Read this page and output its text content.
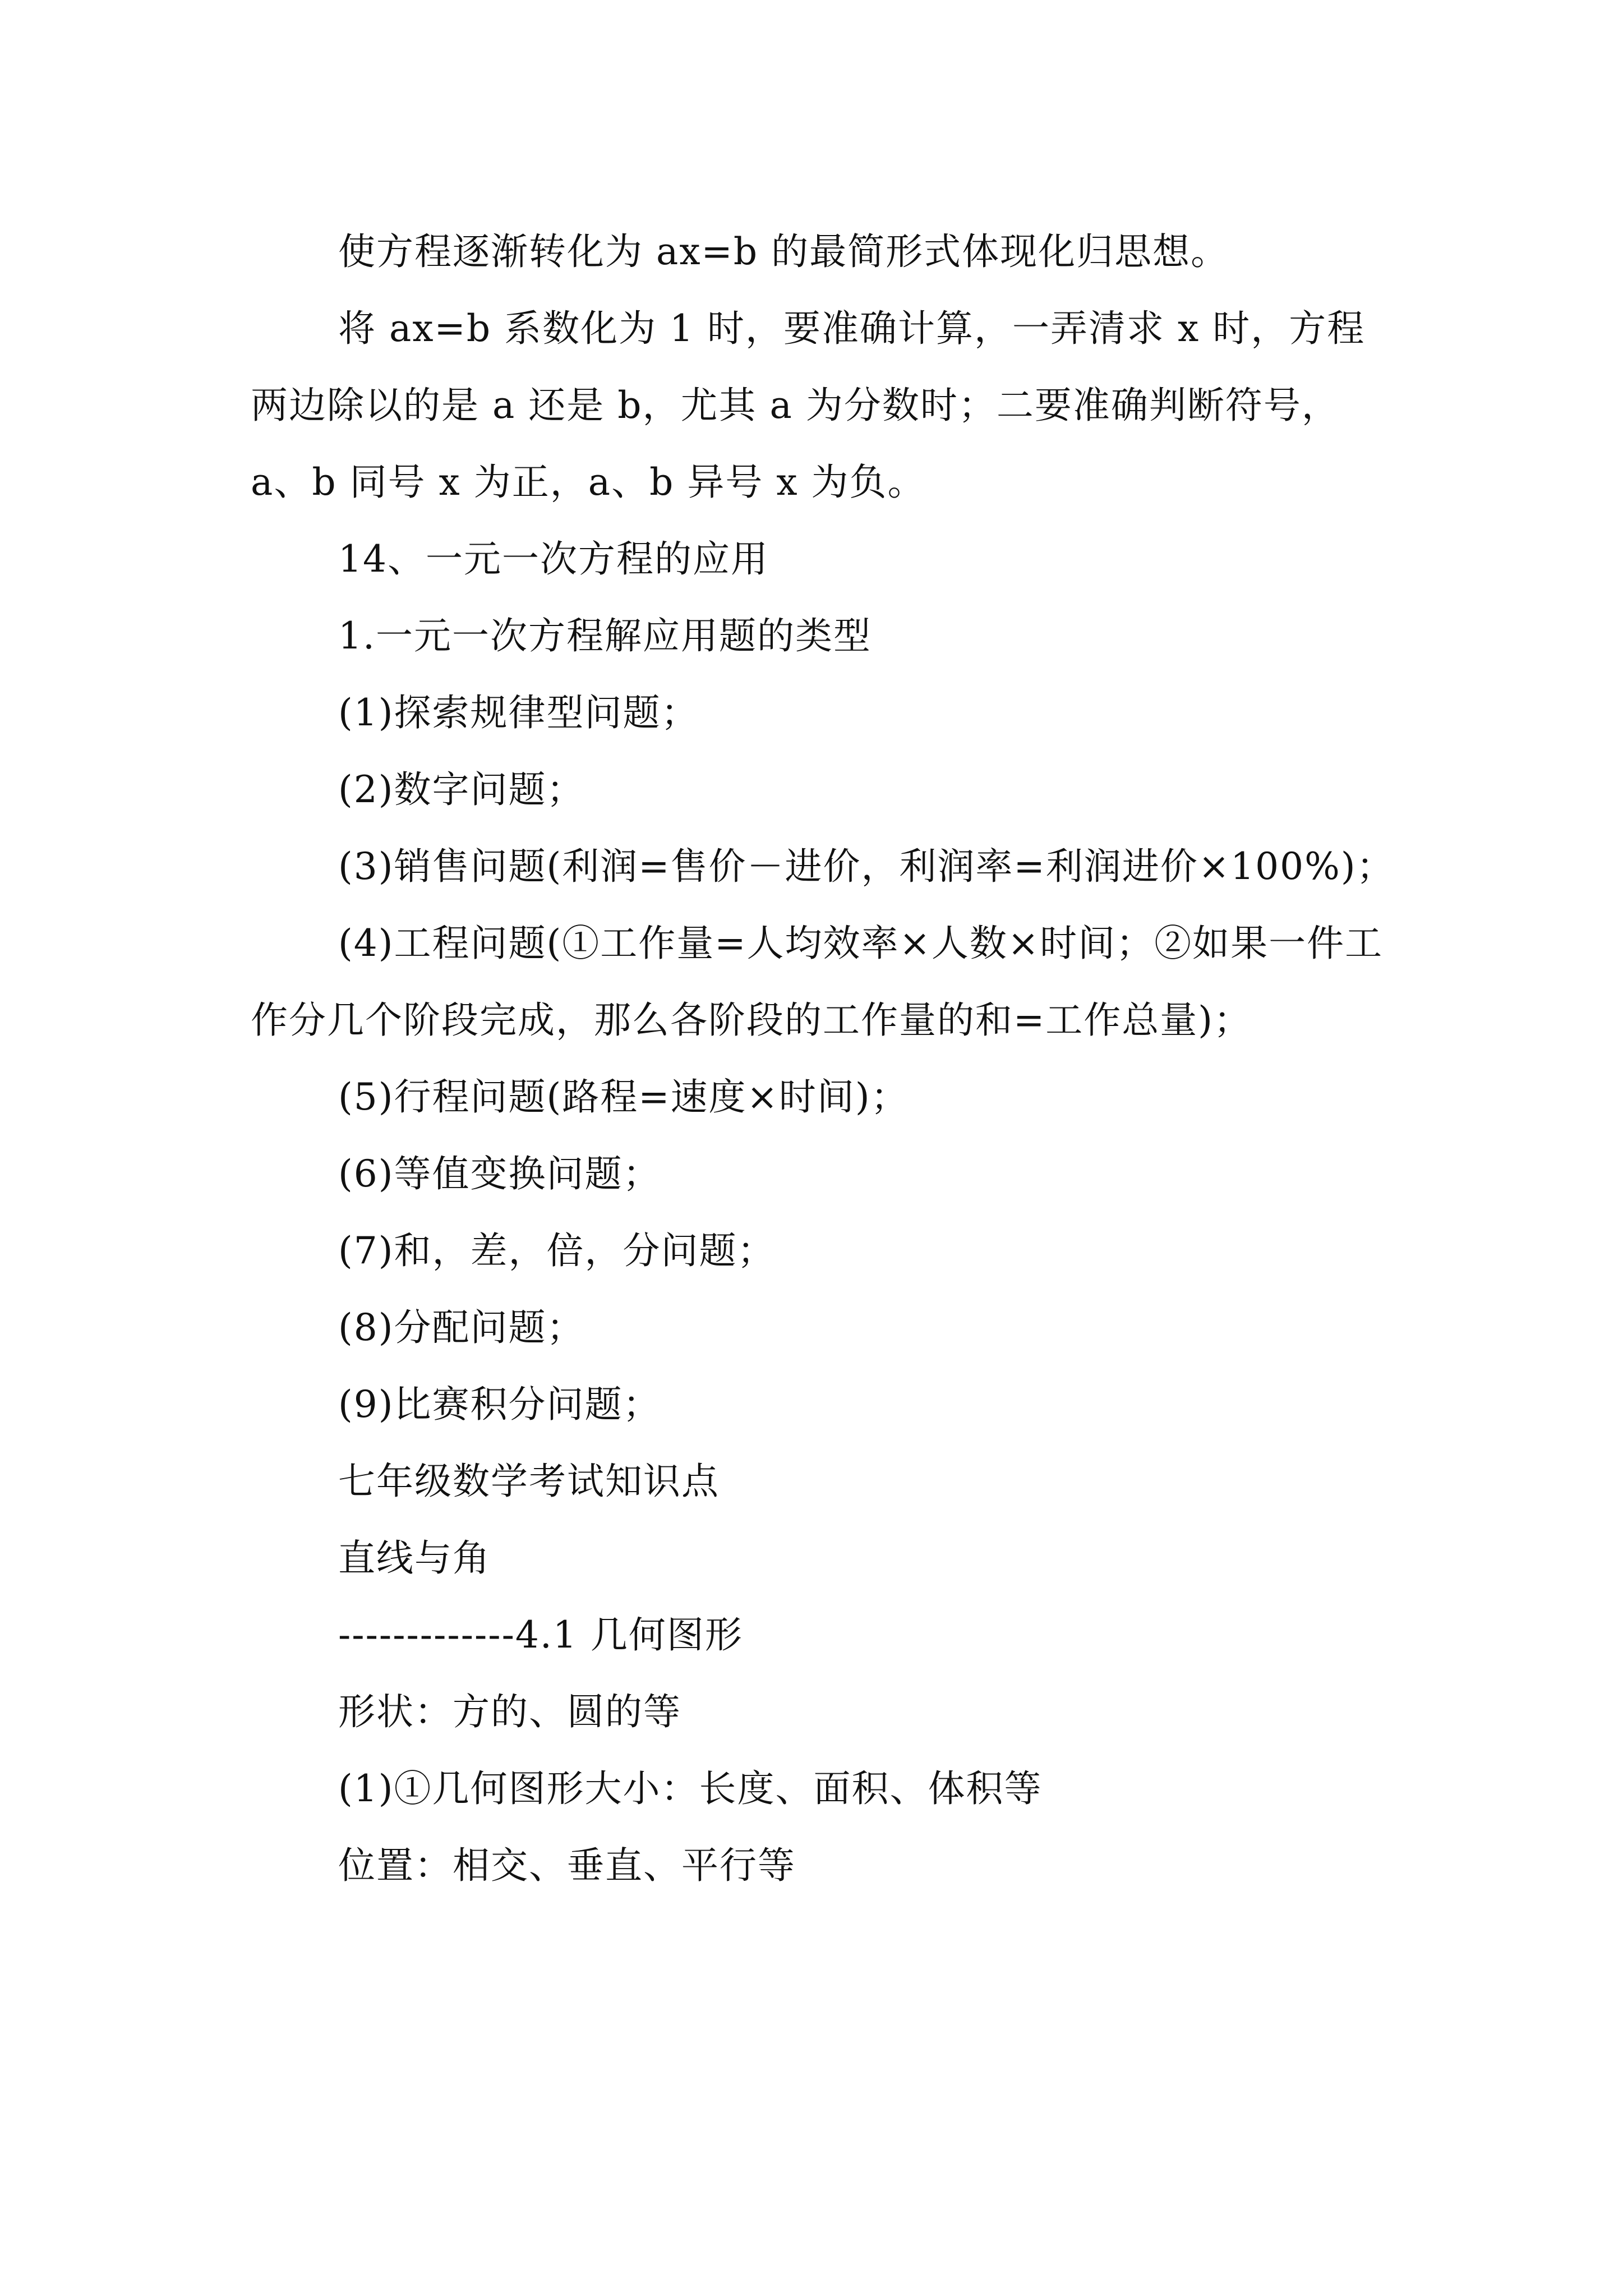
使方程逐渐转化为 ax=b 的最简形式体现化归思想。

将 ax=b 系数化为 1 时，要准确计算，一弄清求 x 时，方程两边除以的是 a 还是 b，尤其 a 为分数时；二要准确判断符号，a、b 同号 x 为正，a、b 异号 x 为负。

14、一元一次方程的应用

1.一元一次方程解应用题的类型

(1)探索规律型问题；

(2)数字问题；

(3)销售问题(利润=售价－进价，利润率=利润进价×100%)；

(4)工程问题(①工作量=人均效率×人数×时间；②如果一件工作分几个阶段完成，那么各阶段的工作量的和=工作总量)；

(5)行程问题(路程=速度×时间)；

(6)等值变换问题；

(7)和，差，倍，分问题；

(8)分配问题；

(9)比赛积分问题；

七年级数学考试知识点

直线与角

-------------4.1 几何图形

形状：方的、圆的等

(1)①几何图形大小：长度、面积、体积等

位置：相交、垂直、平行等
